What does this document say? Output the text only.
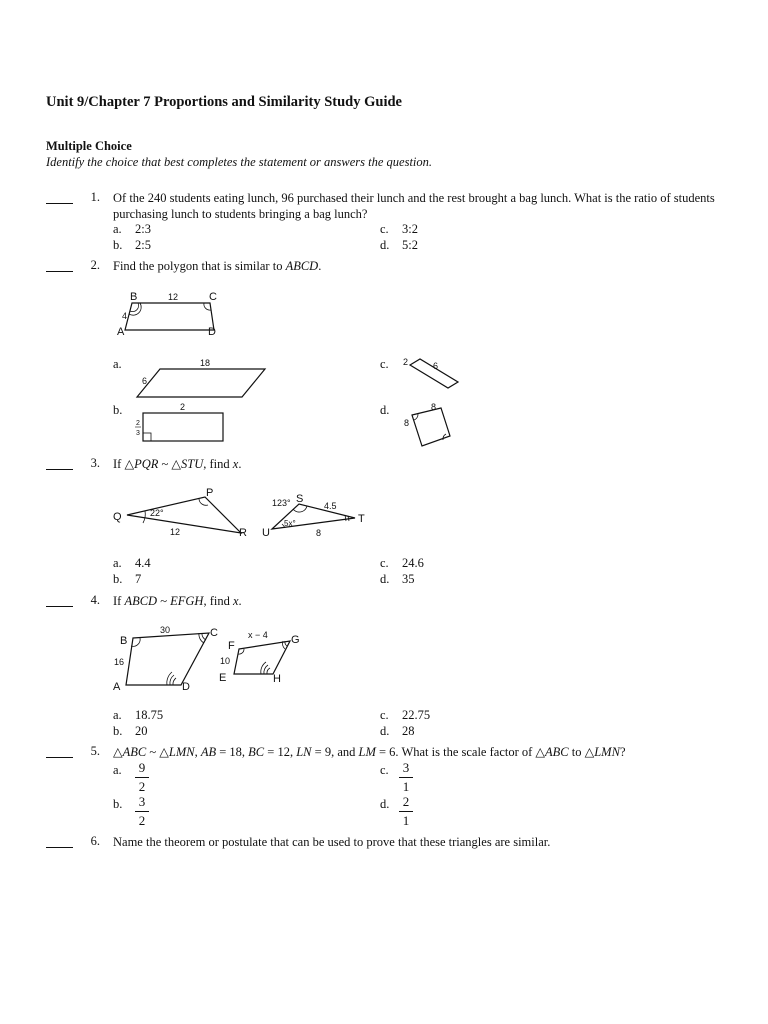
Unit 9/Chapter 7 Proportions and Similarity Study Guide
Multiple Choice
Identify the choice that best completes the statement or answers the question.
1. Of the 240 students eating lunch, 96 purchased their lunch and the rest brought a bag lunch. What is the ratio of students purchasing lunch to students bringing a bag lunch?
a. 2:3
b. 2:5
c. 3:2
d. 5:2
2. Find the polygon that is similar to ABCD.
B	C
A	D
12
4
a.	18
6
b.	2
2
3
c.	2	6
d.	8
8
3. If △PQR ~ △STU, find x.
Q
P
R
22°
12
S
T
U
123°	4.5
8
5x°
a. 4.4
b. 7
c. 24.6
d. 35
4. If ABCD ~ EFGH, find x.
B
C
A	D
30
16
F	G
E	H
x − 4
10
a. 18.75
b. 20
c. 22.75
d. 28
5. △ABC ~ △LMN, AB = 18, BC = 12, LN = 9, and LM = 6. What is the scale factor of △ABC to △LMN?
a. 9
2
b. 3
2
c. 3
1
d. 2
1
6. Name the theorem or postulate that can be used to prove that these triangles are similar.
